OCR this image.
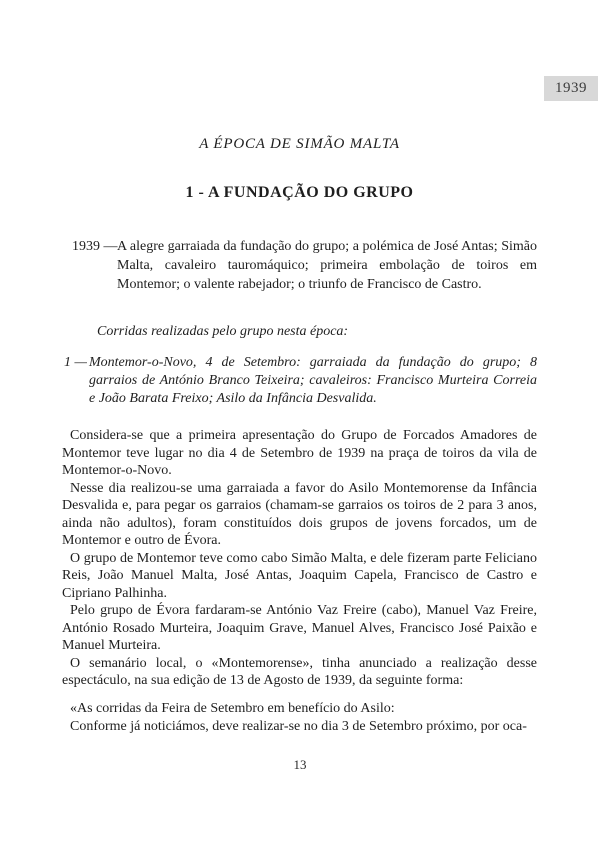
1939
A ÉPOCA DE SIMÃO MALTA
1 - A FUNDAÇÃO DO GRUPO
1939 — A alegre garraiada da fundação do grupo; a polémica de José Antas; Simão Malta, cavaleiro tauromáquico; primeira embolação de toiros em Montemor; o valente rabejador; o triunfo de Francisco de Castro.
Corridas realizadas pelo grupo nesta época:
1 — Montemor-o-Novo, 4 de Setembro: garraiada da fundação do grupo; 8 garraios de António Branco Teixeira; cavaleiros: Francisco Murteira Correia e João Barata Freixo; Asilo da Infância Desvalida.

Considera-se que a primeira apresentação do Grupo de Forcados Amadores de Montemor teve lugar no dia 4 de Setembro de 1939 na praça de toiros da vila de Montemor-o-Novo.

Nesse dia realizou-se uma garraiada a favor do Asilo Montemorense da Infância Desvalida e, para pegar os garraios (chamam-se garraios os toiros de 2 para 3 anos, ainda não adultos), foram constituídos dois grupos de jovens forcados, um de Montemor e outro de Évora.

O grupo de Montemor teve como cabo Simão Malta, e dele fizeram parte Feliciano Reis, João Manuel Malta, José Antas, Joaquim Capela, Francisco de Castro e Cipriano Palhinha.

Pelo grupo de Évora fardaram-se António Vaz Freire (cabo), Manuel Vaz Freire, António Rosado Murteira, Joaquim Grave, Manuel Alves, Francisco José Paixão e Manuel Murteira.

O semanário local, o «Montemorense», tinha anunciado a realização desse espectáculo, na sua edição de 13 de Agosto de 1939, da seguinte forma:

«As corridas da Feira de Setembro em benefício do Asilo:

Conforme já noticiámos, deve realizar-se no dia 3 de Setembro próximo, por oca-

13
